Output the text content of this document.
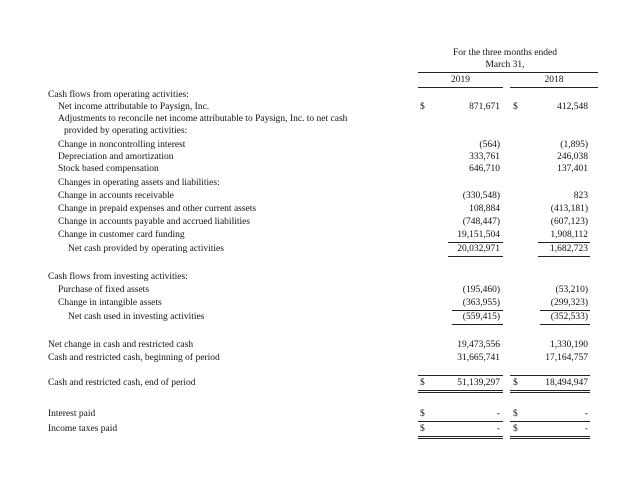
For the three months ended
March 31,
2019	2018
Cash flows from operating activities:
Net income attributable to Paysign, Inc.	$	871,671 $	412,548
Adjustments to reconcile net income attributable to Paysign, Inc. to net cash
provided by operating activities:
Change in noncontrolling interest	(564)	(1,895)
Depreciation and amortization	333,761	246,038
Stock based compensation	646,710	137,401
Changes in operating assets and liabilities:
Change in accounts receivable	(330,548)	823
Change in prepaid expenses and other current assets	108,884	(413,181)
Change in accounts payable and accrued liabilities	(748,447)	(607,123)
Change in customer card funding	19,151,504	1,908,112
Net cash provided by operating activities	20,032,971	1,682,723
Cash flows from investing activities:
Purchase of fixed assets	(195,460)	(53,210)
Change in intangible assets	(363,955)	(299,323)
Net cash used in investing activities	(559,415)	(352,533)
Net change in cash and restricted cash	19,473,556	1,330,190
Cash and restricted cash, beginning of period	31,665,741	17,164,757
Cash and restricted cash, end of period	$	51,139,297 $	18,494,947
Interest paid	$	- $	-
Income taxes paid	$	- $	-
